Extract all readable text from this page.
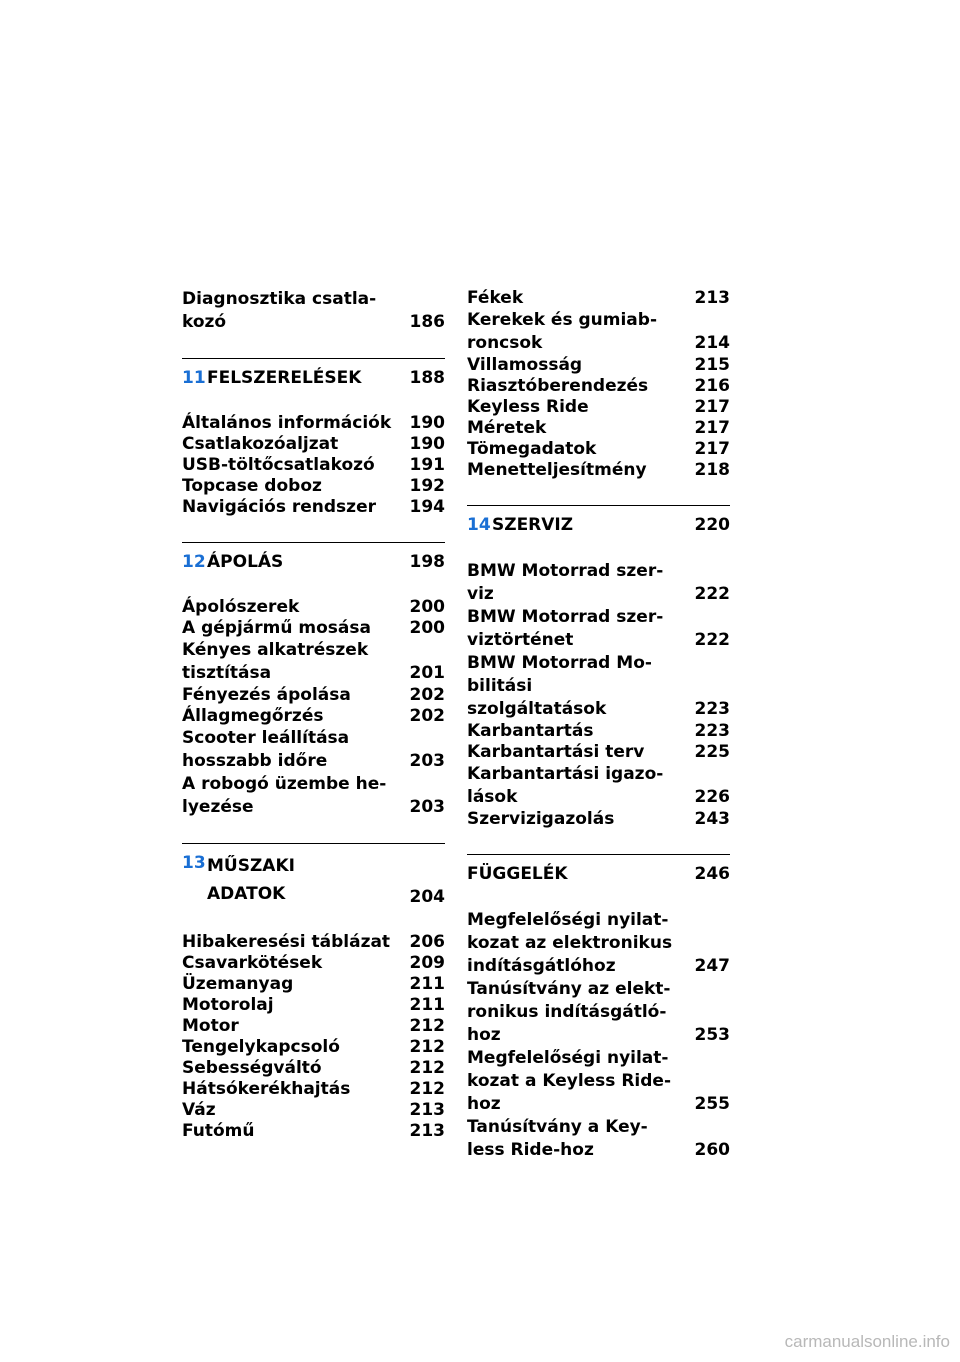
Diagnosztika csatla-
kozó	186
11 FELSZERELÉSEK	188
Általános információk	190
Csatlakozóaljzat	190
USB-töltőcsatlakozó	191
Topcase doboz	192
Navigációs rendszer	194
12 ÁPOLÁS	198
Ápolószerek	200
A gépjármű mosása	200
Kényes alkatrészek
tisztítása	201
Fényezés ápolása	202
Állagmegőrzés	202
Scooter leállítása
hosszabb időre	203
A robogó üzembe he-
lyezése	203
13 MŰSZAKI
ADATOK	204
Hibakeresési táblázat	206
Csavarkötések	209
Üzemanyag	211
Motorolaj	211
Motor	212
Tengelykapcsoló	212
Sebességváltó	212
Hátsókerékhajtás	212
Váz	213
Futómű	213
Fékek	213
Kerekek és gumiab-
roncsok	214
Villamosság	215
Riasztóberendezés	216
Keyless Ride	217
Méretek	217
Tömegadatok	217
Menetteljesítmény	218
14 SZERVIZ	220
BMW Motorrad szer-
viz	222
BMW Motorrad szer-
viztörténet	222
BMW Motorrad Mo-
bilitási szolgáltatások	223
Karbantartás	223
Karbantartási terv	225
Karbantartási igazo-
lások	226
Szervizigazolás	243
FÜGGELÉK	246
Megfelelőségi nyilat-
kozat az elektronikus
indításgátlóhoz	247
Tanúsítvány az elekt-
ronikus indításgátló-
hoz	253
Megfelelőségi nyilat-
kozat a Keyless Ride-
hoz	255
Tanúsítvány a Key-
less Ride-hoz	260
carmanualsonline.info
